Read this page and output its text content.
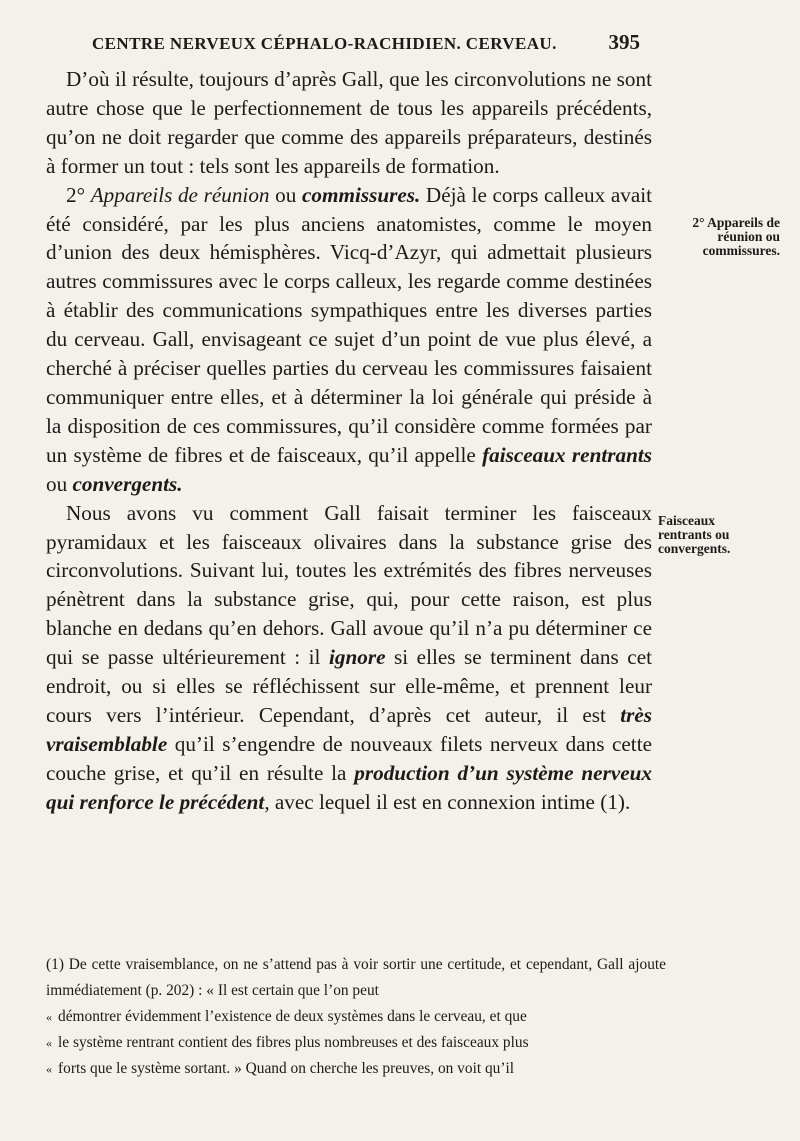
CENTRE NERVEUX CÉPHALO-RACHIDIEN. CERVEAU. 395

D’où il résulte, toujours d’après Gall, que les circonvolutions ne sont autre chose que le perfectionnement de tous les appareils précédents, qu’on ne doit regarder que comme des appareils préparateurs, destinés à former un tout : tels sont les appareils de formation.

2° Appareils de réunion ou commissures. Déjà le corps calleux avait été considéré, par les plus anciens anatomistes, comme le moyen d’union des deux hémisphères. Vicq-d’Azyr, qui admettait plusieurs autres commissures avec le corps calleux, les regarde comme destinées à établir des communications sympathiques entre les diverses parties du cerveau. Gall, envisageant ce sujet d’un point de vue plus élevé, a cherché à préciser quelles parties du cerveau les commissures faisaient communiquer entre elles, et à déterminer la loi générale qui préside à la disposition de ces commissures, qu’il considère comme formées par un système de fibres et de faisceaux, qu’il appelle faisceaux rentrants ou convergents.

Nous avons vu comment Gall faisait terminer les faisceaux pyramidaux et les faisceaux olivaires dans la substance grise des circonvolutions. Suivant lui, toutes les extrémités des fibres nerveuses pénètrent dans la substance grise, qui, pour cette raison, est plus blanche en dedans qu’en dehors. Gall avoue qu’il n’a pu déterminer ce qui se passe ultérieurement : il ignore si elles se terminent dans cet endroit, ou si elles se réfléchissent sur elle-même, et prennent leur cours vers l’intérieur. Cependant, d’après cet auteur, il est très vraisemblable qu’il s’engendre de nouveaux filets nerveux dans cette couche grise, et qu’il en résulte la production d’un système nerveux qui renforce le précédent, avec lequel il est en connexion intime (1).

2° Appareils de réunion ou commissures.
Faisceaux rentrants ou convergents.

(1) De cette vraisemblance, on ne s’attend pas à voir sortir une certitude, et cependant, Gall ajoute immédiatement (p. 202) : « Il est certain que l’on peut

« démontrer évidemment l’existence de deux systèmes dans le cerveau, et que

« le système rentrant contient des fibres plus nombreuses et des faisceaux plus

« forts que le système sortant. » Quand on cherche les preuves, on voit qu’il
